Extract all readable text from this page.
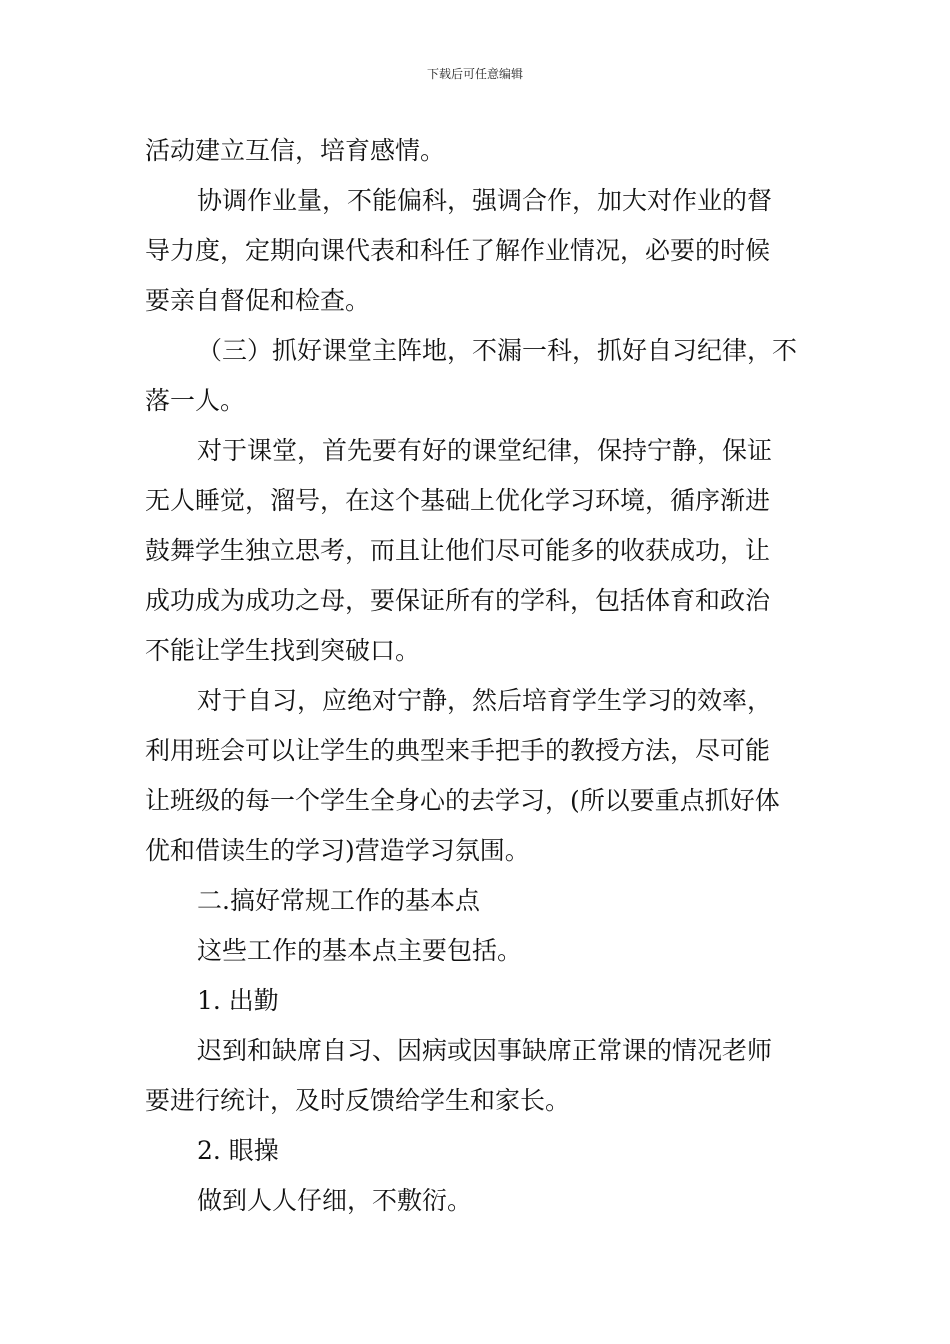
下载后可任意编辑

活动建立互信，培育感情。

协调作业量，不能偏科，强调合作，加大对作业的督

导力度，定期向课代表和科任了解作业情况，必要的时候

要亲自督促和检查。

（三）抓好课堂主阵地，不漏一科，抓好自习纪律，不

落一人。

对于课堂，首先要有好的课堂纪律，保持宁静，保证

无人睡觉，溜号，在这个基础上优化学习环境，循序渐进

鼓舞学生独立思考，而且让他们尽可能多的收获成功，让

成功成为成功之母，要保证所有的学科，包括体育和政治

不能让学生找到突破口。

对于自习，应绝对宁静，然后培育学生学习的效率，

利用班会可以让学生的典型来手把手的教授方法，尽可能

让班级的每一个学生全身心的去学习，(所以要重点抓好体

优和借读生的学习)营造学习氛围。

二.搞好常规工作的基本点

这些工作的基本点主要包括。

1. 出勤

迟到和缺席自习、因病或因事缺席正常课的情况老师

要进行统计，及时反馈给学生和家长。

2. 眼操

做到人人仔细，不敷衍。
